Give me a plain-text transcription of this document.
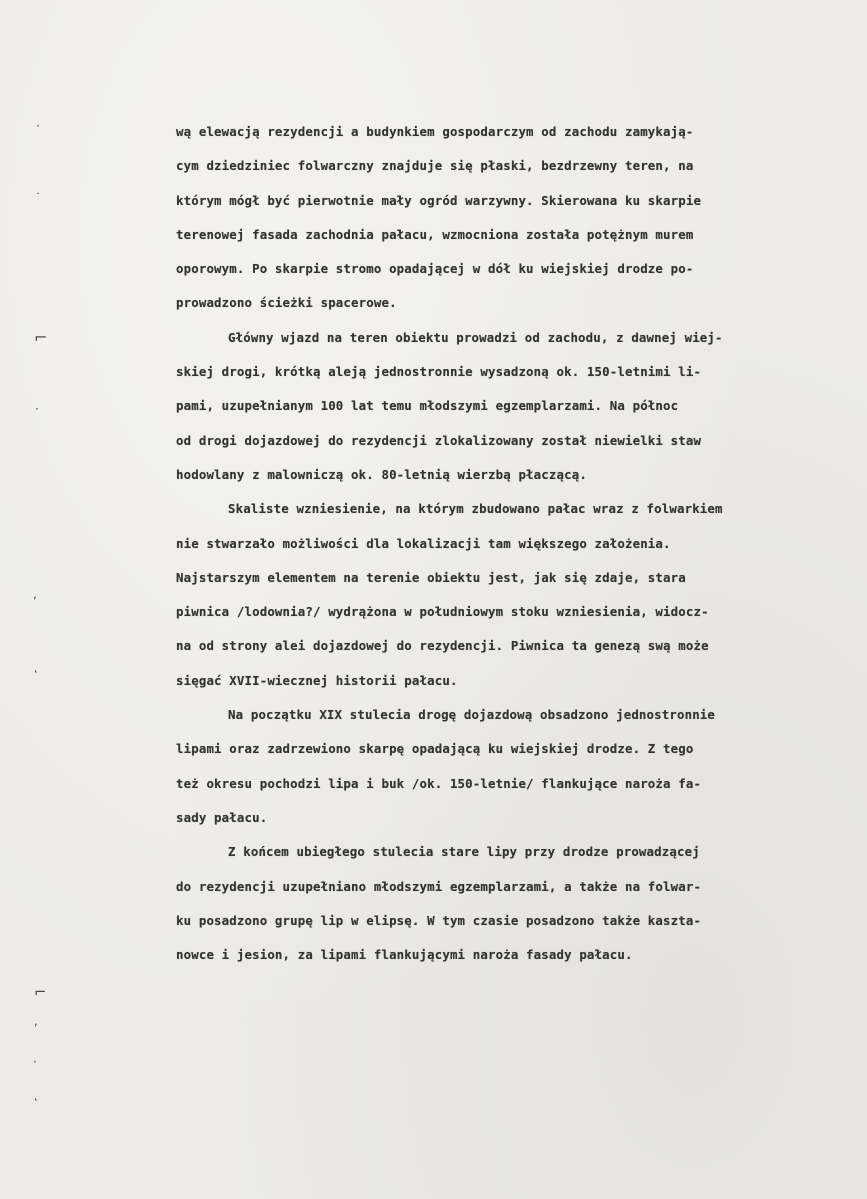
·
˙
⌐
·
,
˛
⌐
,
·
˛
wą elewacją rezydencji a budynkiem gospodarczym od zachodu zamykają-
cym dziedziniec folwarczny znajduje się płaski, bezdrzewny teren, na
którym mógł być pierwotnie mały ogród warzywny. Skierowana ku skarpie
terenowej fasada zachodnia pałacu, wzmocniona została potężnym murem
oporowym. Po skarpie stromo opadającej w dół ku wiejskiej drodze po-
prowadzono ścieżki spacerowe.
Główny wjazd na teren obiektu prowadzi od zachodu, z dawnej wiej-
skiej drogi, krótką aleją jednostronnie wysadzoną ok. 150-letnimi li-
pami, uzupełnianym 100 lat temu młodszymi egzemplarzami. Na północ
od drogi dojazdowej do rezydencji zlokalizowany został niewielki staw
hodowlany z malowniczą ok. 80-letnią wierzbą płaczącą.
Skaliste wzniesienie, na którym zbudowano pałac wraz z folwarkiem
nie stwarzało możliwości dla lokalizacji tam większego założenia.
Najstarszym elementem na terenie obiektu jest, jak się zdaje, stara
piwnica /lodownia?/ wydrążona w południowym stoku wzniesienia, widocz-
na od strony alei dojazdowej do rezydencji. Piwnica ta genezą swą może
sięgać XVII-wiecznej historii pałacu.
Na początku XIX stulecia drogę dojazdową obsadzono jednostronnie
lipami oraz zadrzewiono skarpę opadającą ku wiejskiej drodze. Z tego
też okresu pochodzi lipa i buk /ok. 150-letnie/ flankujące naroża fa-
sady pałacu.
Z końcem ubiegłego stulecia stare lipy przy drodze prowadzącej
do rezydencji uzupełniano młodszymi egzemplarzami, a także na folwar-
ku posadzono grupę lip w elipsę. W tym czasie posadzono także kaszta-
nowce i jesion, za lipami flankującymi naroża fasady pałacu.
